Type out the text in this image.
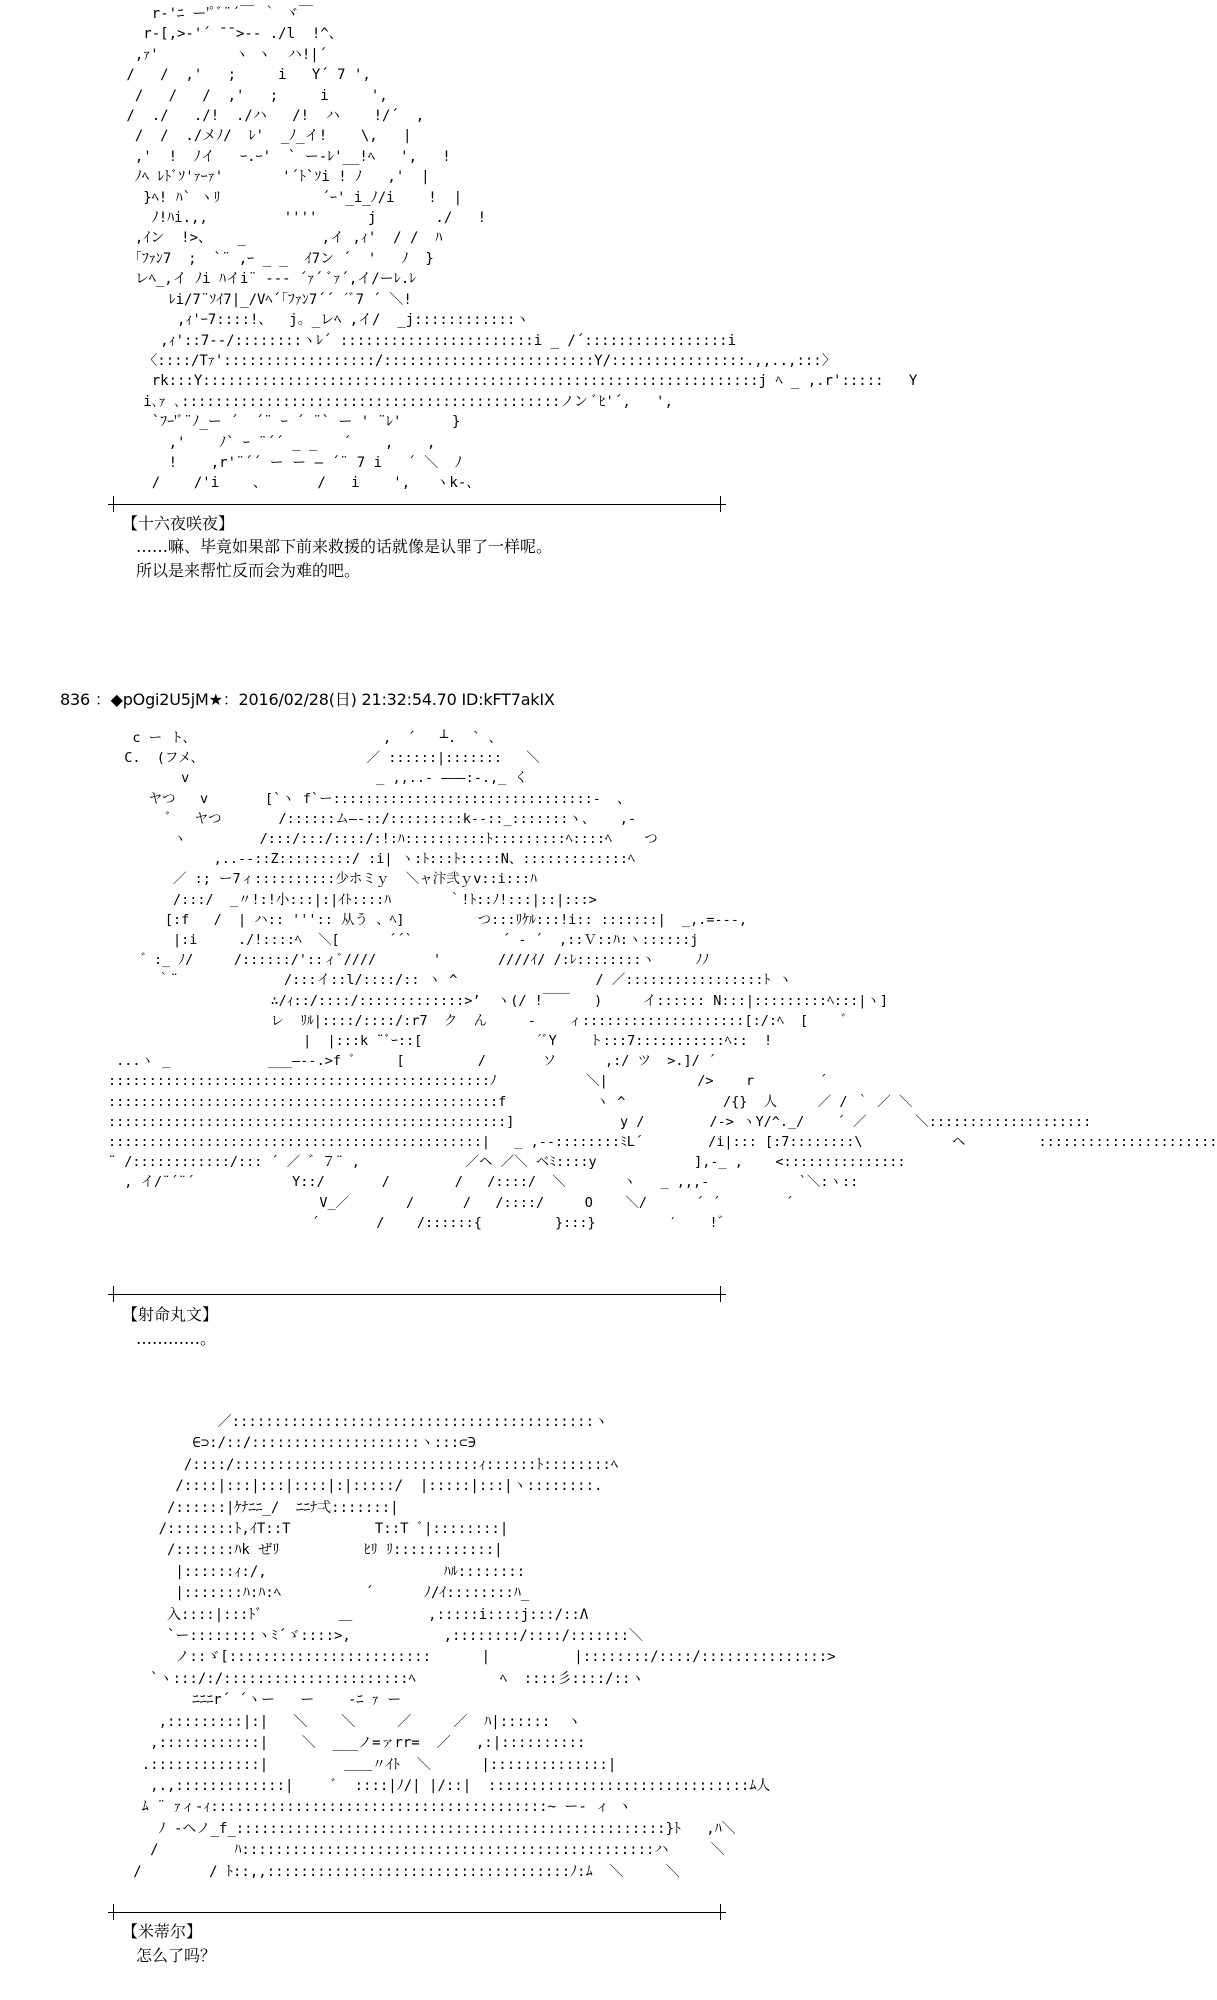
r-'ﾆ ー'ﾟﾞ¨´￣ ｀ ヾ￣
r-[,>-'´ ̄ ̄ >-‐ ./l  !^、
,ｧ'         ヽ ヽ  ハ!|´
/   /  ,'   ;     i   Y´ 7 ',
/   /   /  ,'   ;     i     ',
/  ./   ./!  ./ハ   /!  ハ    !/´  ,
/  /  ./メﾉ/  ﾚ'  _ﾉ_イ!    \,   |
,'  !  ﾉイ   ｰ.ｰ'  ` ー-ﾚ'__!ﾍ   ',   !
ﾉﾍ ﾚﾄﾞｿ'ｧｰｧ'       '´ﾄ`ｿi ! ﾉ   ,'  |
}ﾍ! ﾊ` ヽﾘ            ´ｰ'_i_ﾉ/i    !  |
ﾉ!ﾊi.,,         ''''      j       ./   !
,ｲン  !>、   _         ,イ ,ｨ'  / /  ﾊ
｢ﾌｧﾝ7  ;  `¨ ,ｰ _ _  ｲ7ン ´  '   ﾉ  }
レﾍ_,イ ﾉi ﾊイi¨ ‐-- ´ｧ´ ﾞｧ´,イ/ーﾚ.ﾚ
ﾚi/7¨ｿｲ7|_/Vﾍ´｢ﾌｧﾝ7´´ ´ﾞ7 ´ ＼!
,ｨ'ｰ7::::!、  j。_レﾍ ,イ/  _j::::::::::::ヽ
,ｨ'::7-‐/::::::::ヽﾚ´ :::::::::::::::::::::::i _ /´:::::::::::::::::i
〈::::/Tｧ'::::::::::::::::::/:::::::::::::::::::::::::Y/::::::::::::::::.,,..,:::〉
rk:::Y::::::::::::::::::::::::::::::::::::::::::::::::::::::::::::::::::j ﾍ _ ,.r':::::   Y
i､ｧ ､:::::::::::::::::::::::::::::::::::::::::::::ノン ﾞﾋ'´,   ',
`ﾌｰ'ﾞ¨ﾉ_ー ´  ´¨ ｰ ´ ¨` ー ' ¨ﾚ'      }
,'    ﾉ` ｰ ¨´´ _ _   ´    ,    ,
!    ,r'¨´´ ー ー ― ´¨ 7 i   ´ ＼  ﾉ
/    /'i    、      /   i    ',   ヽk-、
【十六夜咲夜】
……嘛、毕竟如果部下前来救援的话就像是认罪了一样呢。
所以是来帮忙反而会为难的吧。
836 ：◆pOgi2U5jM★：2016/02/28(日) 21:32:54.70 ID:kFT7akIX
c ー ト、                       ,  ´   ┴.  ` 、
C.  (フメ、                    ／ ::::::|:::::::   ＼
v                       _ ,,..- ―――:-.,_ く
ヤつ   v       [`ヽ f`ー::::::::::::::::::::::::::::::::-  、
゛  ヤつ       /::::::ム―-::/:::::::::k‐-::_:::::::ヽ、   ,-
ヽ         /:::/:::/::::/:!:ﾊ::::::::::ﾄ:::::::::ﾍ::::ﾍ    つ
,..--::Z:::::::::/ :i| ヽ:ﾄ:::ﾄ:::::N、:::::::::::::ﾍ
／ :; ー7ィ::::::::::少ホミｙ  ＼ャ汴弐ｙv::i:::ﾊ
/:::/  _〃!:!小:::|:|ｲﾄ::::ﾊ       ｀!ﾄ::ﾉ!:::|::|:::>
[:f   /  | ハ:: ''':: 从う 、ﾍ]         つ:::ﾘｹﾙ:::!i:: :::::::|  _,.=---,
|:i     ./!::::ﾍ  ＼[      ´´`           ´ ‐ ´  ,::Ｖ::ﾊ:ヽ::::::j
゛:_ ﾉ/     /::::::/'::ィﾞ////       '       ////ｲ/ /:ﾚ::::::::ヽ     ﾉﾉ
｀¨             /:::イ::l/::::/:: ヽ ^                 / ／:::::::::::::::::ﾄ ヽ
∴/ｨ::/::::/:::::::::::::>’  ヽ(/ !￣￣   )     イ:::::: N:::|:::::::::ﾍ:::|ヽ]
レ  ﾘﾙ|::::/::::/:r7  ク  ん     ‐    ィ::::::::::::::::::::[:/:ﾍ  [    ゛
|  |:::k ¨ﾞｰ::[              ´ﾞY    ト:::7:::::::::::ﾍ::  !
...ヽ _            ___―--.>f ﾞ     [         /       ソ      ,:/ ツ  >.]/ ´
:::::::::::::::::::::::::::::::::::::::::::::::ﾉ           ＼|           />    r        ´
::::::::::::::::::::::::::::::::::::::::::::::::f           ヽ ^            /{}  人     ／ / ｀ ／ ＼
:::::::::::::::::::::::::::::::::::::::::::::::::]             y /        /-> ヽY/^._/    ´ ／      ＼::::::::::::::::::::
::::::::::::::::::::::::::::::::::::::::::::::|   _ ,-‐::::::::ﾐL´        /i|::: [:7::::::::\           ヘ         ::::::::::::::::::::::
¨ /::::::::::::/::: ´ ／ ゛７¨ ,             ／ヘ ／＼ ベﾐ::::y            ],-_ ,    <:::::::::::::::
, イ/¨´¨´            Y::/       /        /   /::::/  ＼       ヽ   _ ,,,-           `＼:ヽ::
V_／       /      /   /::::/     O    ＼/      ´ ´        ´
´       /    /::::::{         }:::}         ′    !゛
【射命丸文】
…………。
／:::::::::::::::::::::::::::::::::::::::::::ヽ
∈⊃:/::/::::::::::::::::::::ヽ:::⊂∋
/::::/:::::::::::::::::::::::::::::ｨ::::::ﾄ::::::::ﾍ
/::::|:::|:::|::::|:|:::::/  |:::::|:::|ヽ::::::::.
/::::::|ｹﾅﾆﾆ_/  ﾆﾆﾅ弌:::::::|
/::::::::ﾄ,ｲT::T          T::T ﾞ|::::::::|
/:::::::ﾊk ぜﾘ          ﾋﾘ ﾘ::::::::::::|
|::::::ｨ:/,                     ﾊﾙ::::::::
|:::::::ﾊ:ﾊ:ﾍ          ´      ﾉ/ｲ::::::::ﾊ_
入::::|:::ﾄﾞ         ＿         ,:::::i::::j:::/::Λ
`ー::::::::ヽﾐ´ゞ::::>,           ,::::::::/::::/:::::::＼
ノ::ゞ[::::::::::::::::::::::::      |          |::::::::/::::/:::::::::::::::>
`ヽ:::/:/::::::::::::::::::::::ﾍ          ﾍ  ::::彡::::/::ヽ
ﾆﾆﾆr´ ´ヽー   ー    -ﾆ ｧ ー
,:::::::::|:|   ＼    ＼     ／     ／  ﾊ|::::::  ヽ
,::::::::::::|    ＼  ___ノ=ァrr=  ／   ,:|::::::::::
.:::::::::::::|         ＿＿〃ｲﾄ  ＼      |::::::::::::::|
,.,:::::::::::::|     ﾞ  ::::|ﾉ/| |/::|  :::::::::::::::::::::::::::::::ﾑ人
ﾑ ¨ ｧィ-ｨ::::::::::::::::::::::::::::::::::::::::~ ー‐ ィ ヽ
ﾉ -ヘノ_f_:::::::::::::::::::::::::::::::::::::::::::::::::::}ﾄ   ,ﾊ＼
/         ﾊ:::::::::::::::::::::::::::::::::::::::::::::::::ハ     ＼
/        / ﾄ::,,::::::::::::::::::::::::::::::::::::ﾉ:ﾑ  ＼     ＼
【米蒂尔】
怎么了吗？
